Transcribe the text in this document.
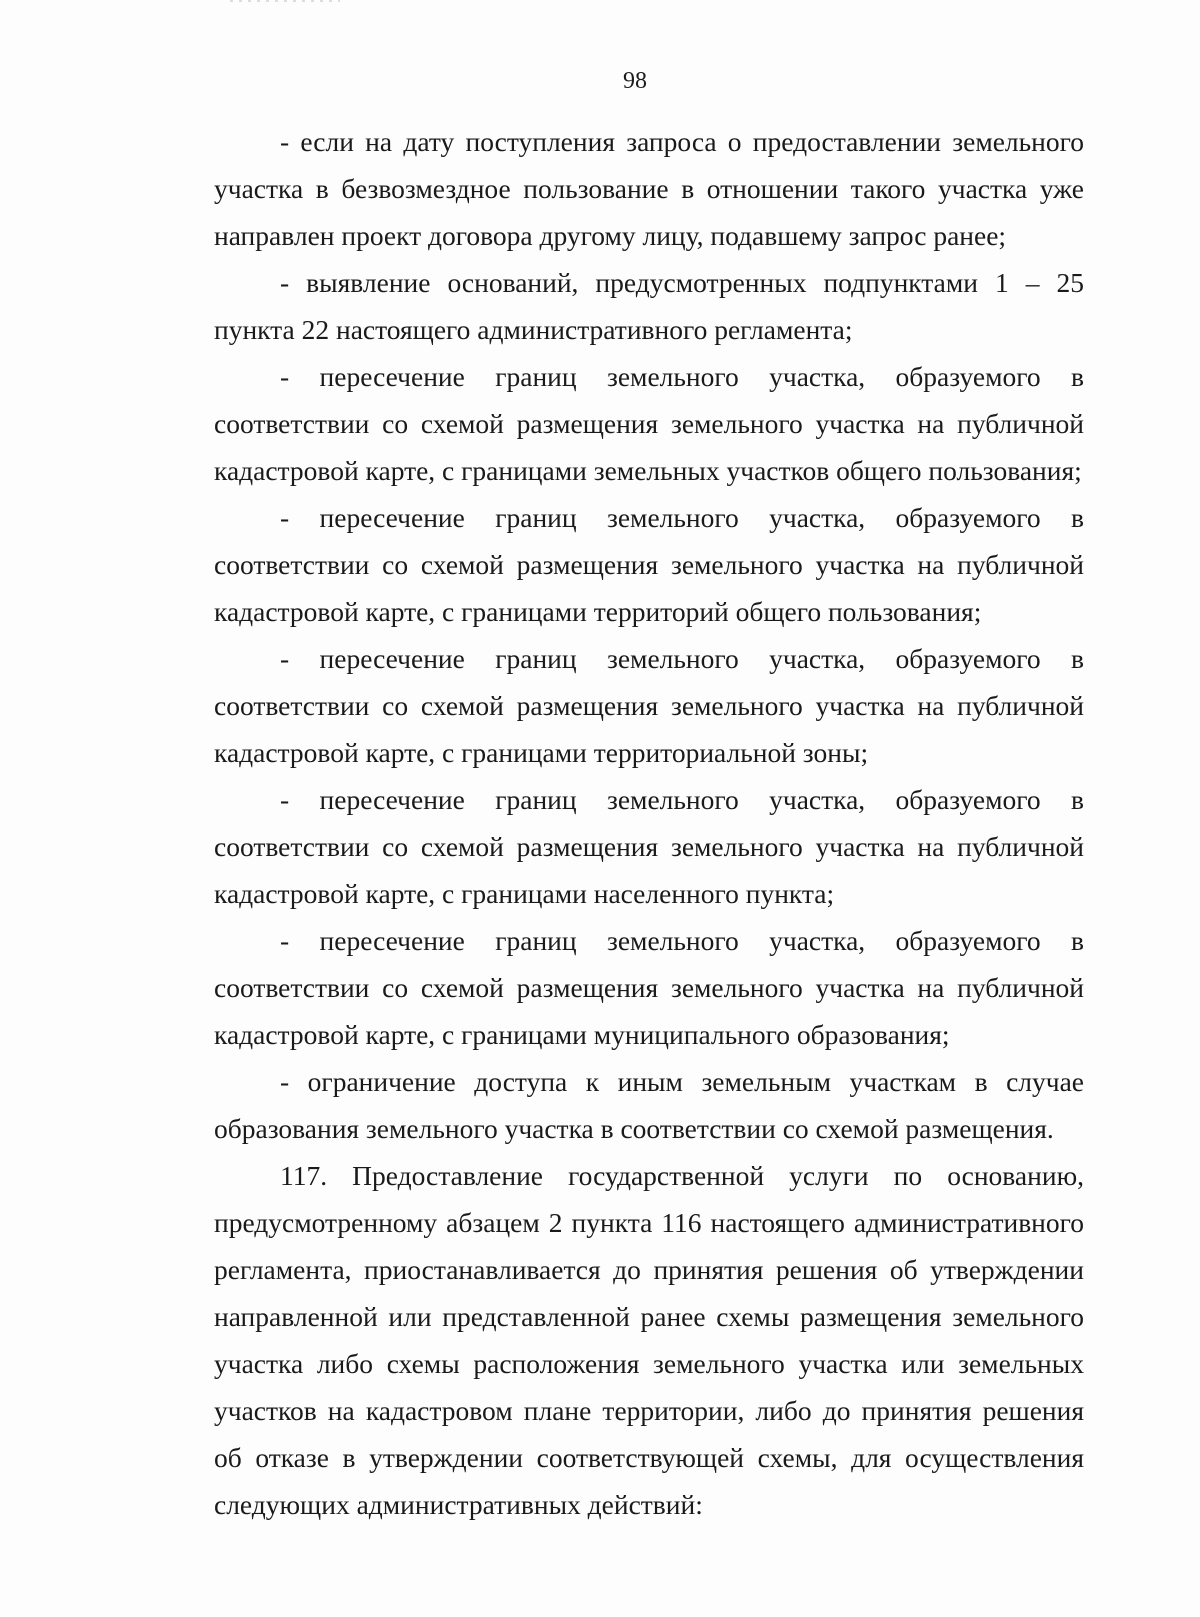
98

- если на дату поступления запроса о предоставлении земельного участка в безвозмездное пользование в отношении такого участка уже направлен проект договора другому лицу, подавшему запрос ранее;

- выявление оснований, предусмотренных подпунктами 1 – 25 пункта 22 настоящего административного регламента;

- пересечение границ земельного участка, образуемого в соответствии со схемой размещения земельного участка на публичной кадастровой карте, с границами земельных участков общего пользования;

- пересечение границ земельного участка, образуемого в соответствии со схемой размещения земельного участка на публичной кадастровой карте, с границами территорий общего пользования;

- пересечение границ земельного участка, образуемого в соответствии со схемой размещения земельного участка на публичной кадастровой карте, с границами территориальной зоны;

- пересечение границ земельного участка, образуемого в соответствии со схемой размещения земельного участка на публичной кадастровой карте, с границами населенного пункта;

- пересечение границ земельного участка, образуемого в соответствии со схемой размещения земельного участка на публичной кадастровой карте, с границами муниципального образования;

- ограничение доступа к иным земельным участкам в случае образования земельного участка в соответствии со схемой размещения.

117. Предоставление государственной услуги по основанию, предусмотренному абзацем 2 пункта 116 настоящего административного регламента, приостанавливается до принятия решения об утверждении направленной или представленной ранее схемы размещения земельного участка либо схемы расположения земельного участка или земельных участков на кадастровом плане территории, либо до принятия решения об отказе в утверждении соответствующей схемы, для осуществления следующих административных действий:
